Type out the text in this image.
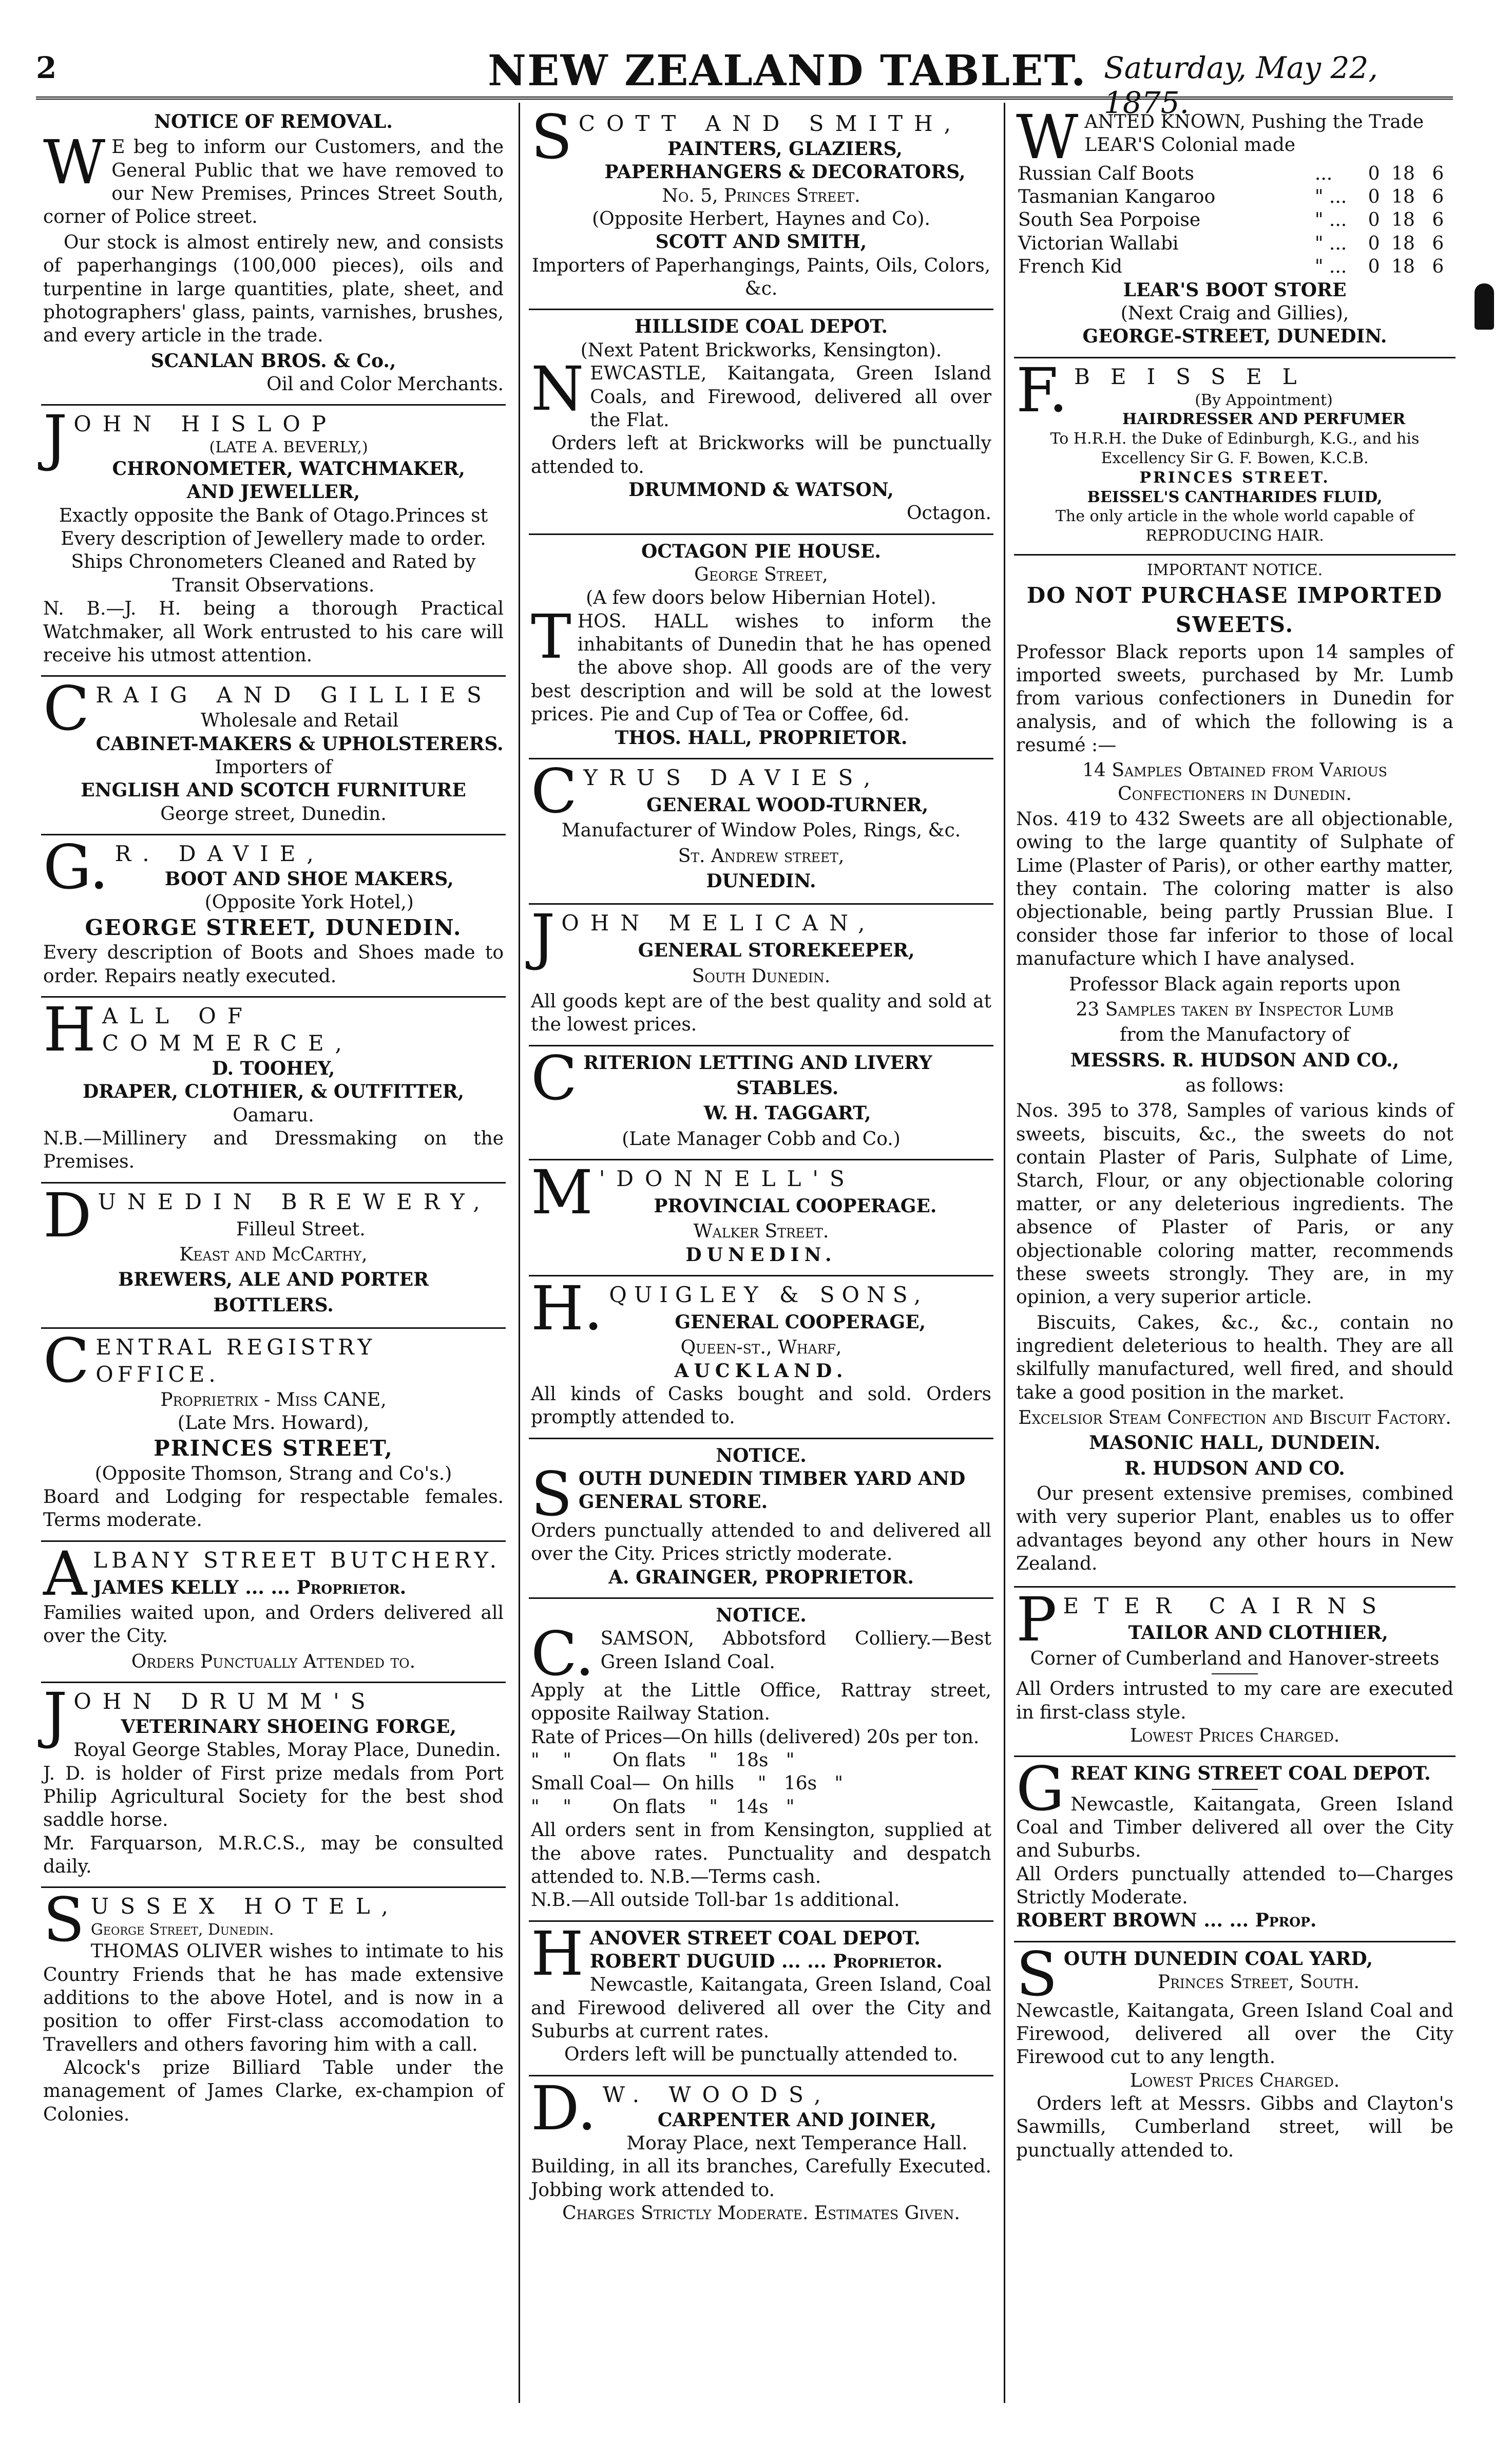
2	NEW ZEALAND TABLET. Saturday, May 22, 1875.
NOTICE OF REMOVAL.
W E beg to inform our Customers, and the General Public that we have removed to our New Premises, Princes Street South, corner of Police street.
Our stock is almost entirely new, and consists of paperhangings (100,000 pieces), oils and turpentine in large quantities, plate, sheet, and photographers' glass, paints, varnishes, brushes, and every article in the trade.
SCANLAN BROS. & Co.,
Oil and Color Merchants.
JOHN HISLOP
(LATE A. BEVERLY,)
CHRONOMETER, WATCHMAKER,
AND JEWELLER,
Exactly opposite the Bank of Otago.Princes st
Every description of Jewellery made to order.
Ships Chronometers Cleaned and Rated by Transit Observations.
N. B.—J. H. being a thorough Practical Watchmaker, all Work entrusted to his care will receive his utmost attention.
CRAIG AND GILLIES
Wholesale and Retail
CABINET-MAKERS & UPHOLSTERERS.
Importers of
ENGLISH AND SCOTCH FURNITURE
George street, Dunedin.
G. R. DAVIE,
BOOT AND SHOE MAKERS,
(Opposite York Hotel,)
GEORGE STREET, DUNEDIN.
Every description of Boots and Shoes made to order. Repairs neatly executed.
HALL OF COMMERCE,
D. TOOHEY,
DRAPER, CLOTHIER, & OUTFITTER,
Oamaru.
N.B.—Millinery and Dressmaking on the Premises.
DUNEDIN BREWERY,
Filleul Street.
Keast and McCarthy,
BREWERS, ALE AND PORTER
BOTTLERS.
CENTRAL REGISTRY OFFICE.
Proprietrix - Miss CANE,
(Late Mrs. Howard),
PRINCES STREET,
(Opposite Thomson, Strang and Co's.)
Board and Lodging for respectable females. Terms moderate.
ALBANY STREET BUTCHERY.
JAMES KELLY ... ... Proprietor.
Families waited upon, and Orders delivered all over the City.
Orders Punctually Attended to.
JOHN DRUMM'S
VETERINARY SHOEING FORGE,
Royal George Stables, Moray Place, Dunedin.
J. D. is holder of First prize medals from Port Philip Agricultural Society for the best shod saddle horse.
Mr. Farquarson, M.R.C.S., may be consulted daily.
SUSSEX HOTEL,
George Street, Dunedin.
THOMAS OLIVER wishes to intimate to his Country Friends that he has made extensive additions to the above Hotel, and is now in a position to offer First-class accomodation to Travellers and others favoring him with a call.
Alcock's prize Billiard Table under the management of James Clarke, ex-champion of Colonies.
SCOTT AND SMITH,
PAINTERS, GLAZIERS,
PAPERHANGERS & DECORATORS,
No. 5, Princes Street.
(Opposite Herbert, Haynes and Co).
SCOTT AND SMITH,
Importers of Paperhangings, Paints, Oils, Colors, &c.
HILLSIDE COAL DEPOT.
(Next Patent Brickworks, Kensington).
NEWCASTLE, Kaitangata, Green Island Coals, and Firewood, delivered all over the Flat.
Orders left at Brickworks will be punctually attended to.
DRUMMOND & WATSON,
Octagon.
OCTAGON PIE HOUSE.
George Street,
(A few doors below Hibernian Hotel).
THOS. HALL wishes to inform the inhabitants of Dunedin that he has opened the above shop. All goods are of the very best description and will be sold at the lowest prices. Pie and Cup of Tea or Coffee, 6d.
THOS. HALL, PROPRIETOR.
CYRUS DAVIES,
GENERAL WOOD-TURNER,
Manufacturer of Window Poles, Rings, &c.
St. Andrew street,
DUNEDIN.
JOHN MELICAN,
GENERAL STOREKEEPER,
South Dunedin.
All goods kept are of the best quality and sold at the lowest prices.
CRITERION LETTING AND LIVERY
STABLES.
W. H. TAGGART,
(Late Manager Cobb and Co.)
M 'DONNELL'S
PROVINCIAL COOPERAGE.
Walker Street.
DUNEDIN.
H. QUIGLEY & SONS,
GENERAL COOPERAGE,
Queen-st., Wharf,
AUCKLAND.
All kinds of Casks bought and sold. Orders promptly attended to.
NOTICE.
SOUTH DUNEDIN TIMBER YARD AND GENERAL STORE.
Orders punctually attended to and delivered all over the City. Prices strictly moderate.
A. GRAINGER, PROPRIETOR.
NOTICE.
C. SAMSON, Abbotsford Colliery.—Best Green Island Coal.
Apply at the Little Office, Rattray street, opposite Railway Station.
Rate of Prices—On hills (delivered) 20s per ton.
"    "       On flats    "   18s   "
Small Coal—  On hills    "   16s   "
"    "       On flats    "   14s   "
All orders sent in from Kensington, supplied at the above rates. Punctuality and despatch attended to. N.B.—Terms cash.
N.B.—All outside Toll-bar 1s additional.
HANOVER STREET COAL DEPOT.
ROBERT DUGUID ... ... Proprietor.
Newcastle, Kaitangata, Green Island, Coal and Firewood delivered all over the City and Suburbs at current rates.
Orders left will be punctually attended to.
D. W. WOODS,
CARPENTER AND JOINER,
Moray Place, next Temperance Hall.
Building, in all its branches, Carefully Executed. Jobbing work attended to.
Charges Strictly Moderate. Estimates Given.
WANTED KNOWN, Pushing the Trade LEAR'S Colonial made
Russian Calf Boots	...	0	18	6
Tasmanian Kangaroo	" ...	0	18	6
South Sea Porpoise	" ...	0	18	6
Victorian Wallabi	" ...	0	18	6
French Kid	" ...	0	18	6
LEAR'S BOOT STORE
(Next Craig and Gillies),
GEORGE-STREET, DUNEDIN.
F. BEISSEL
(By Appointment)
HAIRDRESSER AND PERFUMER
To H.R.H. the Duke of Edinburgh, K.G., and his Excellency Sir G. F. Bowen, K.C.B.
PRINCES STREET.
BEISSEL'S CANTHARIDES FLUID,
The only article in the whole world capable of REPRODUCING HAIR.
IMPORTANT NOTICE.
DO NOT PURCHASE IMPORTED
SWEETS.
Professor Black reports upon 14 samples of imported sweets, purchased by Mr. Lumb from various confectioners in Dunedin for analysis, and of which the following is a resumé :—
14 Samples Obtained from Various Confectioners in Dunedin.
Nos. 419 to 432 Sweets are all objectionable, owing to the large quantity of Sulphate of Lime (Plaster of Paris), or other earthy matter, they contain. The coloring matter is also objectionable, being partly Prussian Blue. I consider those far inferior to those of local manufacture which I have analysed.
Professor Black again reports upon
23 Samples taken by Inspector Lumb
from the Manufactory of
MESSRS. R. HUDSON AND CO.,
as follows:
Nos. 395 to 378, Samples of various kinds of sweets, biscuits, &c., the sweets do not contain Plaster of Paris, Sulphate of Lime, Starch, Flour, or any objectionable coloring matter, or any deleterious ingredients. The absence of Plaster of Paris, or any objectionable coloring matter, recommends these sweets strongly. They are, in my opinion, a very superior article.
Biscuits, Cakes, &c., &c., contain no ingredient deleterious to health. They are all skilfully manufactured, well fired, and should take a good position in the market.
Excelsior Steam Confection and Biscuit Factory.
MASONIC HALL, DUNDEIN.
R. HUDSON AND CO.
Our present extensive premises, combined with very superior Plant, enables us to offer advantages beyond any other hours in New Zealand.
PETER CAIRNS
TAILOR AND CLOTHIER,
Corner of Cumberland and Hanover-streets
All Orders intrusted to my care are executed in first-class style.
Lowest Prices Charged.
GREAT KING STREET COAL DEPOT.
Newcastle, Kaitangata, Green Island Coal and Timber delivered all over the City and Suburbs.
All Orders punctually attended to—Charges Strictly Moderate.
ROBERT BROWN ... ... Pprop.
SOUTH DUNEDIN COAL YARD,
Princes Street, South.
Newcastle, Kaitangata, Green Island Coal and Firewood, delivered all over the City Firewood cut to any length.
Lowest Prices Charged.
Orders left at Messrs. Gibbs and Clayton's Sawmills, Cumberland street, will be punctually attended to.
